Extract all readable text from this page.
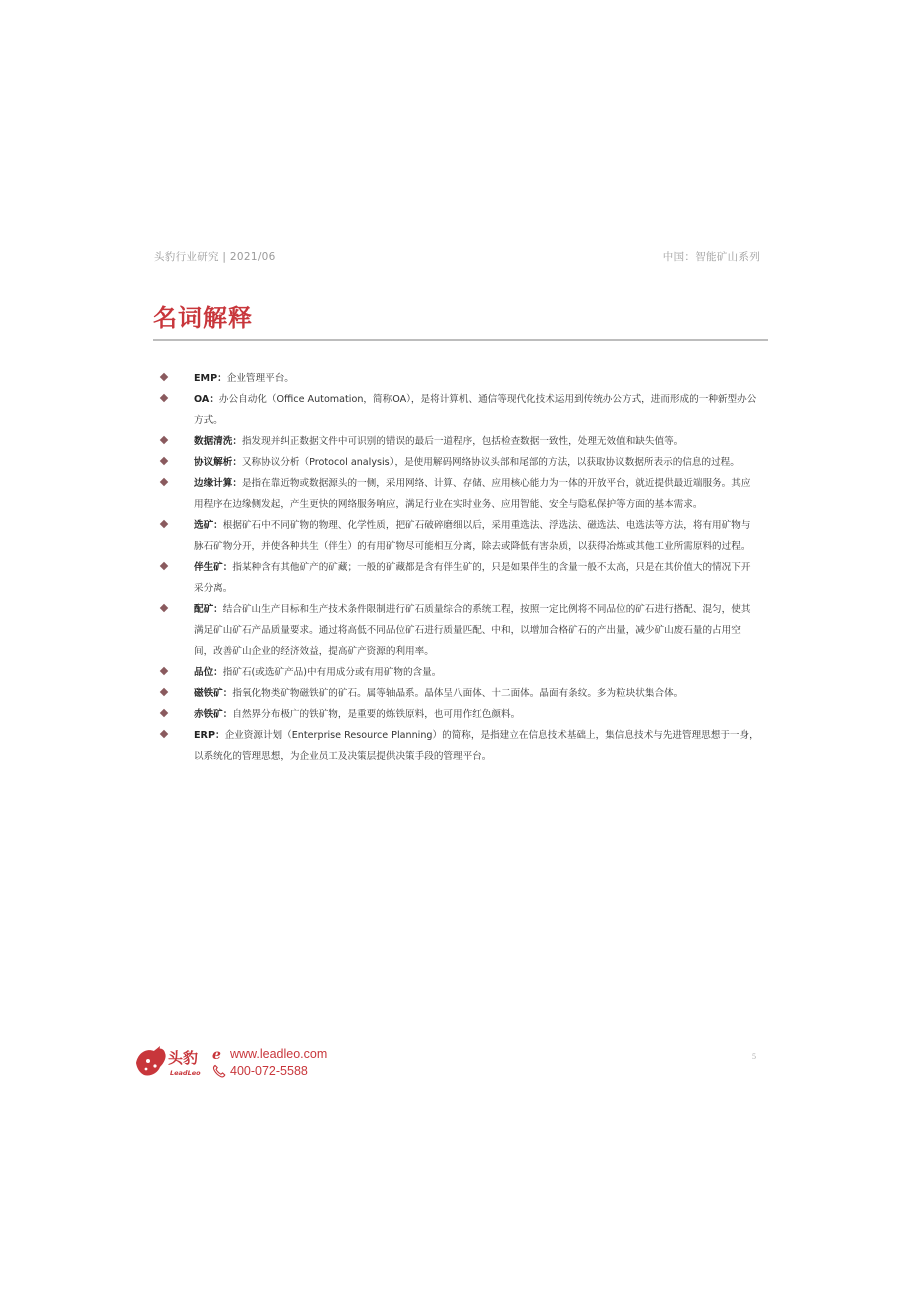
头豹行业研究 | 2021/06	中国：智能矿山系列
名词解释
EMP：企业管理平台。
OA：办公自动化（Office Automation，简称OA），是将计算机、通信等现代化技术运用到传统办公方式，进而形成的一种新型办公方式。
数据清洗：指发现并纠正数据文件中可识别的错误的最后一道程序，包括检查数据一致性，处理无效值和缺失值等。
协议解析：又称协议分析（Protocol analysis），是使用解码网络协议头部和尾部的方法，以获取协议数据所表示的信息的过程。
边缘计算：是指在靠近物或数据源头的一侧，采用网络、计算、存储、应用核心能力为一体的开放平台，就近提供最近端服务。其应用程序在边缘侧发起，产生更快的网络服务响应，满足行业在实时业务、应用智能、安全与隐私保护等方面的基本需求。
选矿：根据矿石中不同矿物的物理、化学性质，把矿石破碎磨细以后，采用重选法、浮选法、磁选法、电选法等方法，将有用矿物与脉石矿物分开，并使各种共生（伴生）的有用矿物尽可能相互分离，除去或降低有害杂质，以获得冶炼或其他工业所需原料的过程。
伴生矿：指某种含有其他矿产的矿藏；一般的矿藏都是含有伴生矿的，只是如果伴生的含量一般不太高，只是在其价值大的情况下开采分离。
配矿：结合矿山生产目标和生产技术条件限制进行矿石质量综合的系统工程，按照一定比例将不同品位的矿石进行搭配、混匀，使其满足矿山矿石产品质量要求。通过将高低不同品位矿石进行质量匹配、中和，以增加合格矿石的产出量，减少矿山废石量的占用空间，改善矿山企业的经济效益，提高矿产资源的利用率。
品位：指矿石(或选矿产品)中有用成分或有用矿物的含量。
磁铁矿：指氧化物类矿物磁铁矿的矿石。属等轴晶系。晶体呈八面体、十二面体。晶面有条纹。多为粒块状集合体。
赤铁矿：自然界分布极广的铁矿物，是重要的炼铁原料，也可用作红色颜料。
ERP：企业资源计划（Enterprise Resource Planning）的简称，是指建立在信息技术基础上，集信息技术与先进管理思想于一身，以系统化的管理思想，为企业员工及决策层提供决策手段的管理平台。
头豹
LeadLeo
e www.leadleo.com
400-072-5588
5
